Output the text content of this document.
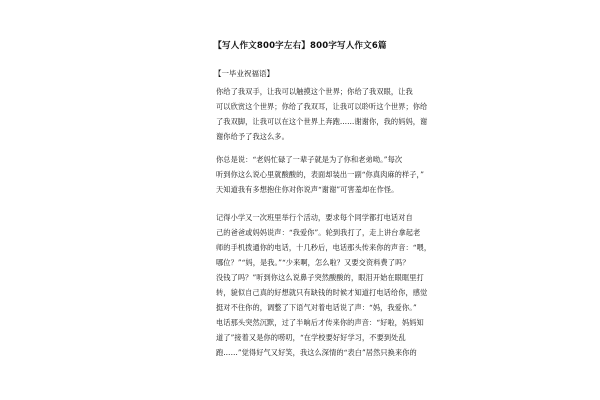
【写人作文800字左右】800字写人作文6篇
【一毕业祝福语】
你给了我双手，让我可以触摸这个世界；你给了我双眼，让我
可以欣赏这个世界；你给了我双耳，让我可以聆听这个世界；你给
了我双脚，让我可以在这个世界上奔跑……谢谢你，我的妈妈，谢
谢你给予了我这么多。
你总是说：“老妈忙碌了一辈子就是为了你和老弟呦。”每次
听到你这么说心里就酸酸的，表面却装出一副“你真肉麻的样子，”
天知道我有多想抱住你对你说声“谢谢”可害羞却在作怪。
记得小学又一次班里举行个活动，要求每个同学都打电话对自
己的爸爸或妈妈说声：“我爱你”。轮到我打了，走上讲台拿起老
师的手机拨通你的电话，十几秒后，电话那头传来你的声音：“喂，
哪位？”“妈，是我。”“少来啊，怎么啦？又要交资料费了吗？
没钱了吗？”听到你这么说鼻子突然酸酸的，眼泪开始在眼眶里打
转，貌似自己真的好想就只有缺钱的时候才知道打电话给你，感觉
挺对不住你的，调整了下语气对着电话说了声：“妈，我爱你。”
电话那头突然沉默，过了半晌后才传来你的声音：“好啦，妈妈知
道了”接着又是你的唠叨，“在学校要好好学习，不要到处乱
跑……”觉得好气又好笑，我这么深情的“表白”居然只换来你的
